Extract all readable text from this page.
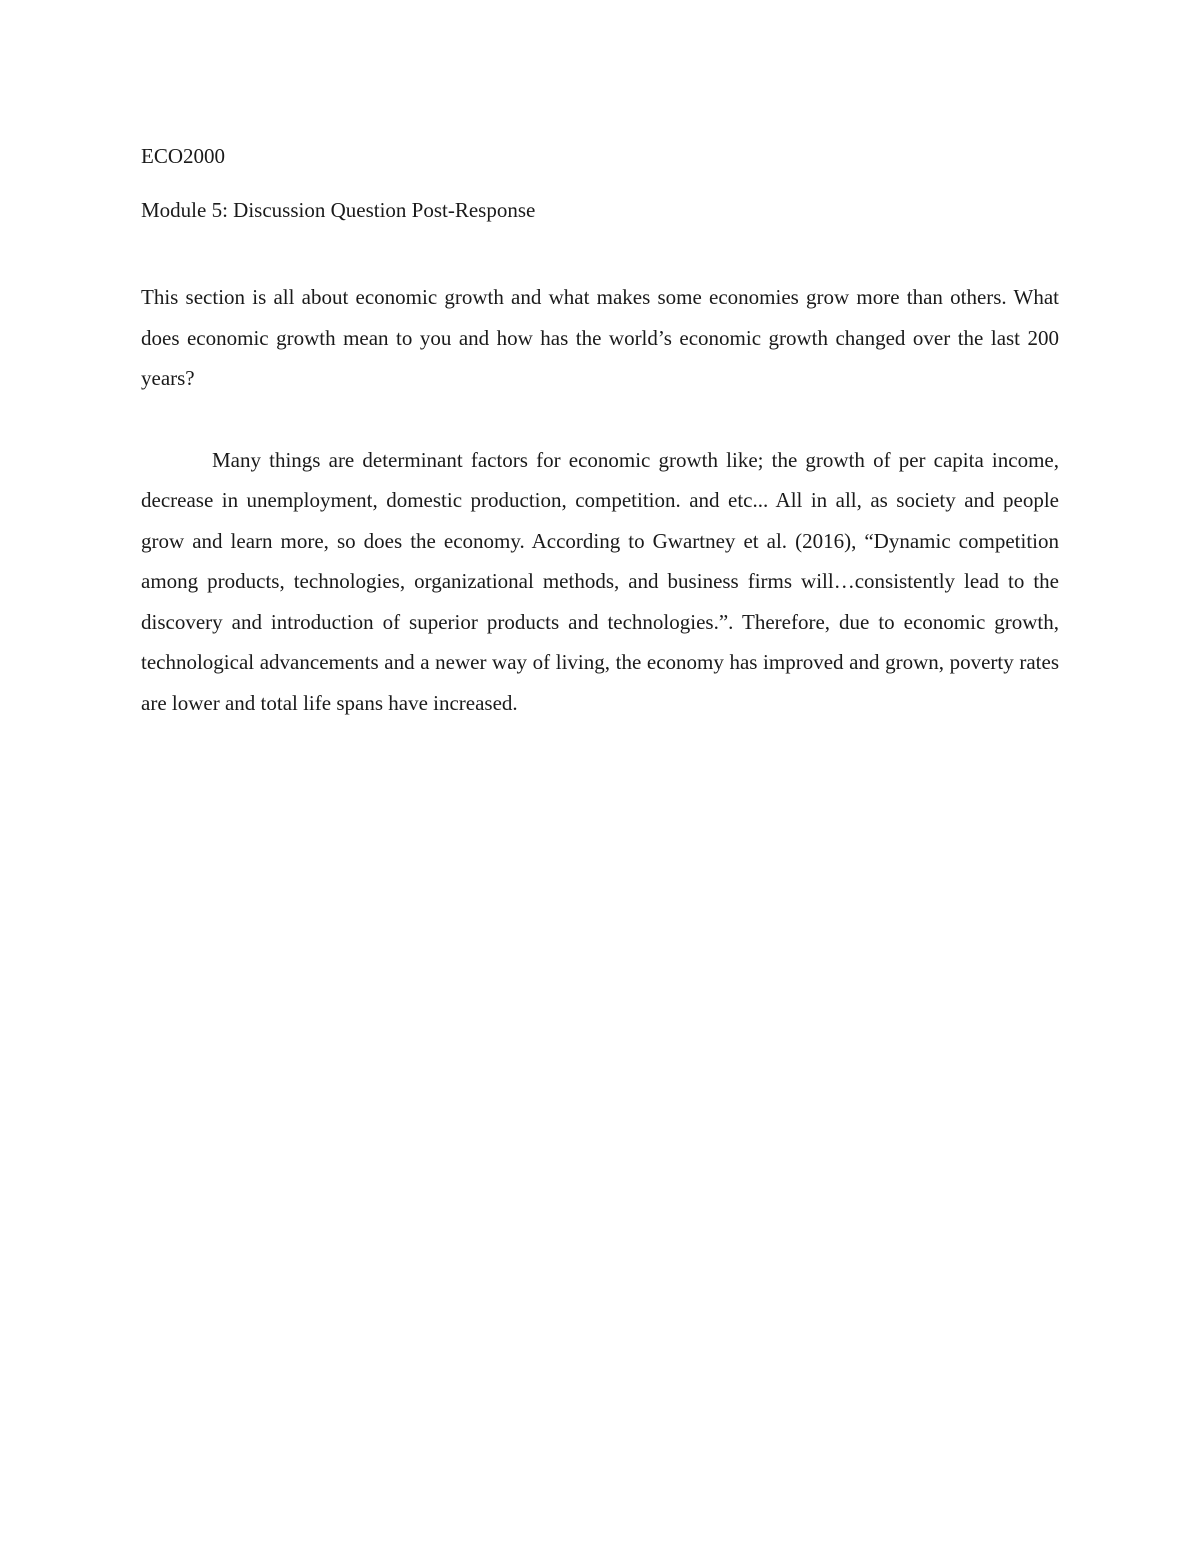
ECO2000

Module 5: Discussion Question Post-Response

This section is all about economic growth and what makes some economies grow more than others. What does economic growth mean to you and how has the world’s economic growth changed over the last 200 years?

Many things are determinant factors for economic growth like; the growth of per capita income, decrease in unemployment, domestic production, competition. and etc... All in all, as society and people grow and learn more, so does the economy. According to Gwartney et al. (2016), “Dynamic competition among products, technologies, organizational methods, and business firms will…consistently lead to the discovery and introduction of superior products and technologies.”. Therefore, due to economic growth, technological advancements and a newer way of living, the economy has improved and grown, poverty rates are lower and total life spans have increased.
